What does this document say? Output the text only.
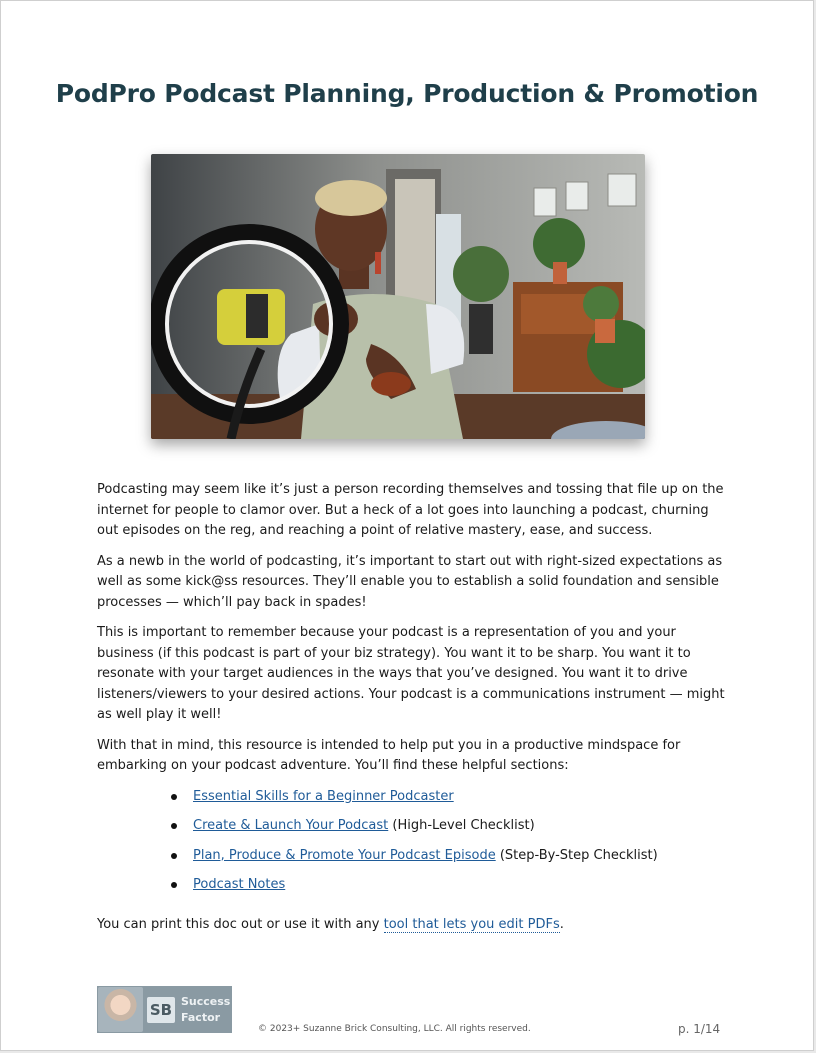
PodPro Podcast Planning, Production & Promotion

Podcasting may seem like it’s just a person recording themselves and tossing that file up on the internet for people to clamor over. But a heck of a lot goes into launching a podcast, churning out episodes on the reg, and reaching a point of relative mastery, ease, and success.

As a newb in the world of podcasting, it’s important to start out with right-sized expectations as well as some kick@ss resources. They’ll enable you to establish a solid foundation and sensible processes — which’ll pay back in spades!

This is important to remember because your podcast is a representation of you and your business (if this podcast is part of your biz strategy). You want it to be sharp. You want it to resonate with your target audiences in the ways that you’ve designed. You want it to drive listeners/viewers to your desired actions. Your podcast is a communications instrument — might as well play it well!

With that in mind, this resource is intended to help put you in a productive mindspace for embarking on your podcast adventure. You’ll find these helpful sections:

Essential Skills for a Beginner Podcaster
Create & Launch Your Podcast (High-Level Checklist)
Plan, Produce & Promote Your Podcast Episode (Step-By-Step Checklist)
Podcast Notes

You can print this doc out or use it with any tool that lets you edit PDFs.

SB Success
Factor
© 2023+ Suzanne Brick Consulting, LLC. All rights reserved.	p. 1/14
